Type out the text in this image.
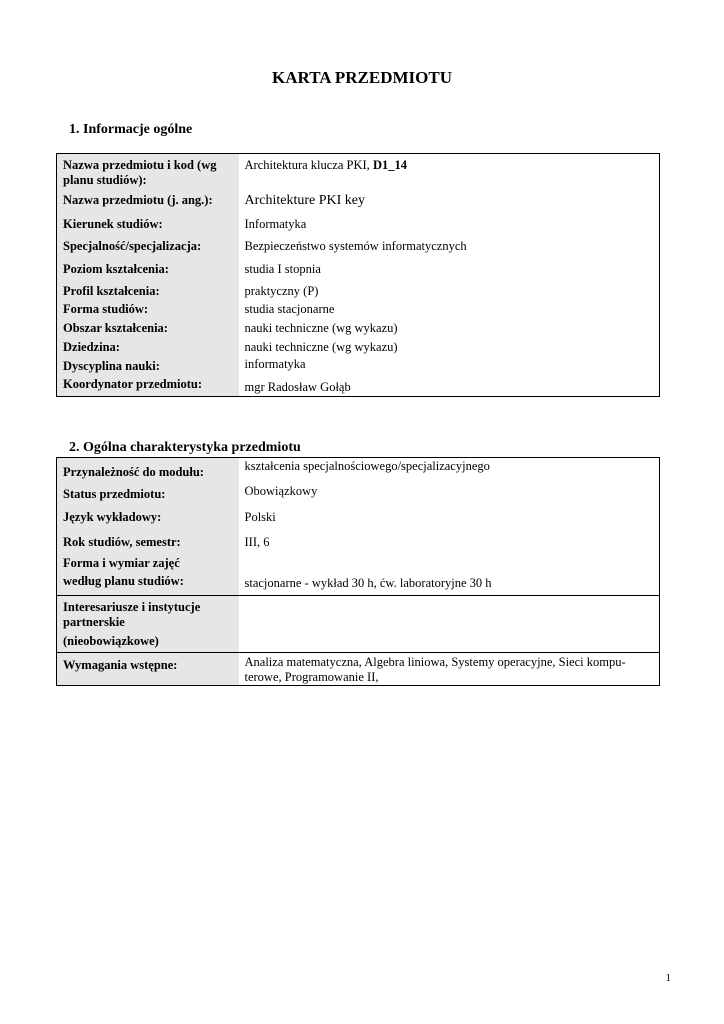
KARTA PRZEDMIOTU
1. Informacje ogólne
Nazwa przedmiotu i kod (wg planu studiów):	Architektura klucza PKI, D1_14
Nazwa przedmiotu (j. ang.):	Architekture PKI key
Kierunek studiów:	Informatyka
Specjalność/specjalizacja:	Bezpieczeństwo systemów informatycznych
Poziom kształcenia:	studia I stopnia
Profil kształcenia:	praktyczny (P)
Forma studiów:	studia stacjonarne
Obszar kształcenia:	nauki techniczne (wg wykazu)
Dziedzina:	nauki techniczne (wg wykazu)
Dyscyplina nauki:	informatyka
Koordynator przedmiotu:	mgr Radosław Gołąb
2. Ogólna charakterystyka przedmiotu
Przynależność do modułu:	kształcenia specjalnościowego/specjalizacyjnego
Status przedmiotu:	Obowiązkowy
Język wykładowy:	Polski
Rok studiów, semestr:	III, 6

Forma i wymiar zajęć
według planu studiów:	stacjonarne - wykład 30 h, ćw. laboratoryjne 30 h

Interesariusze i instytucje partnerskie
(nieobowiązkowe)	

Wymagania wstępne:	Analiza matematyczna, Algebra liniowa, Systemy operacyjne, Sieci kompu-
terowe, Programowanie II,
1
